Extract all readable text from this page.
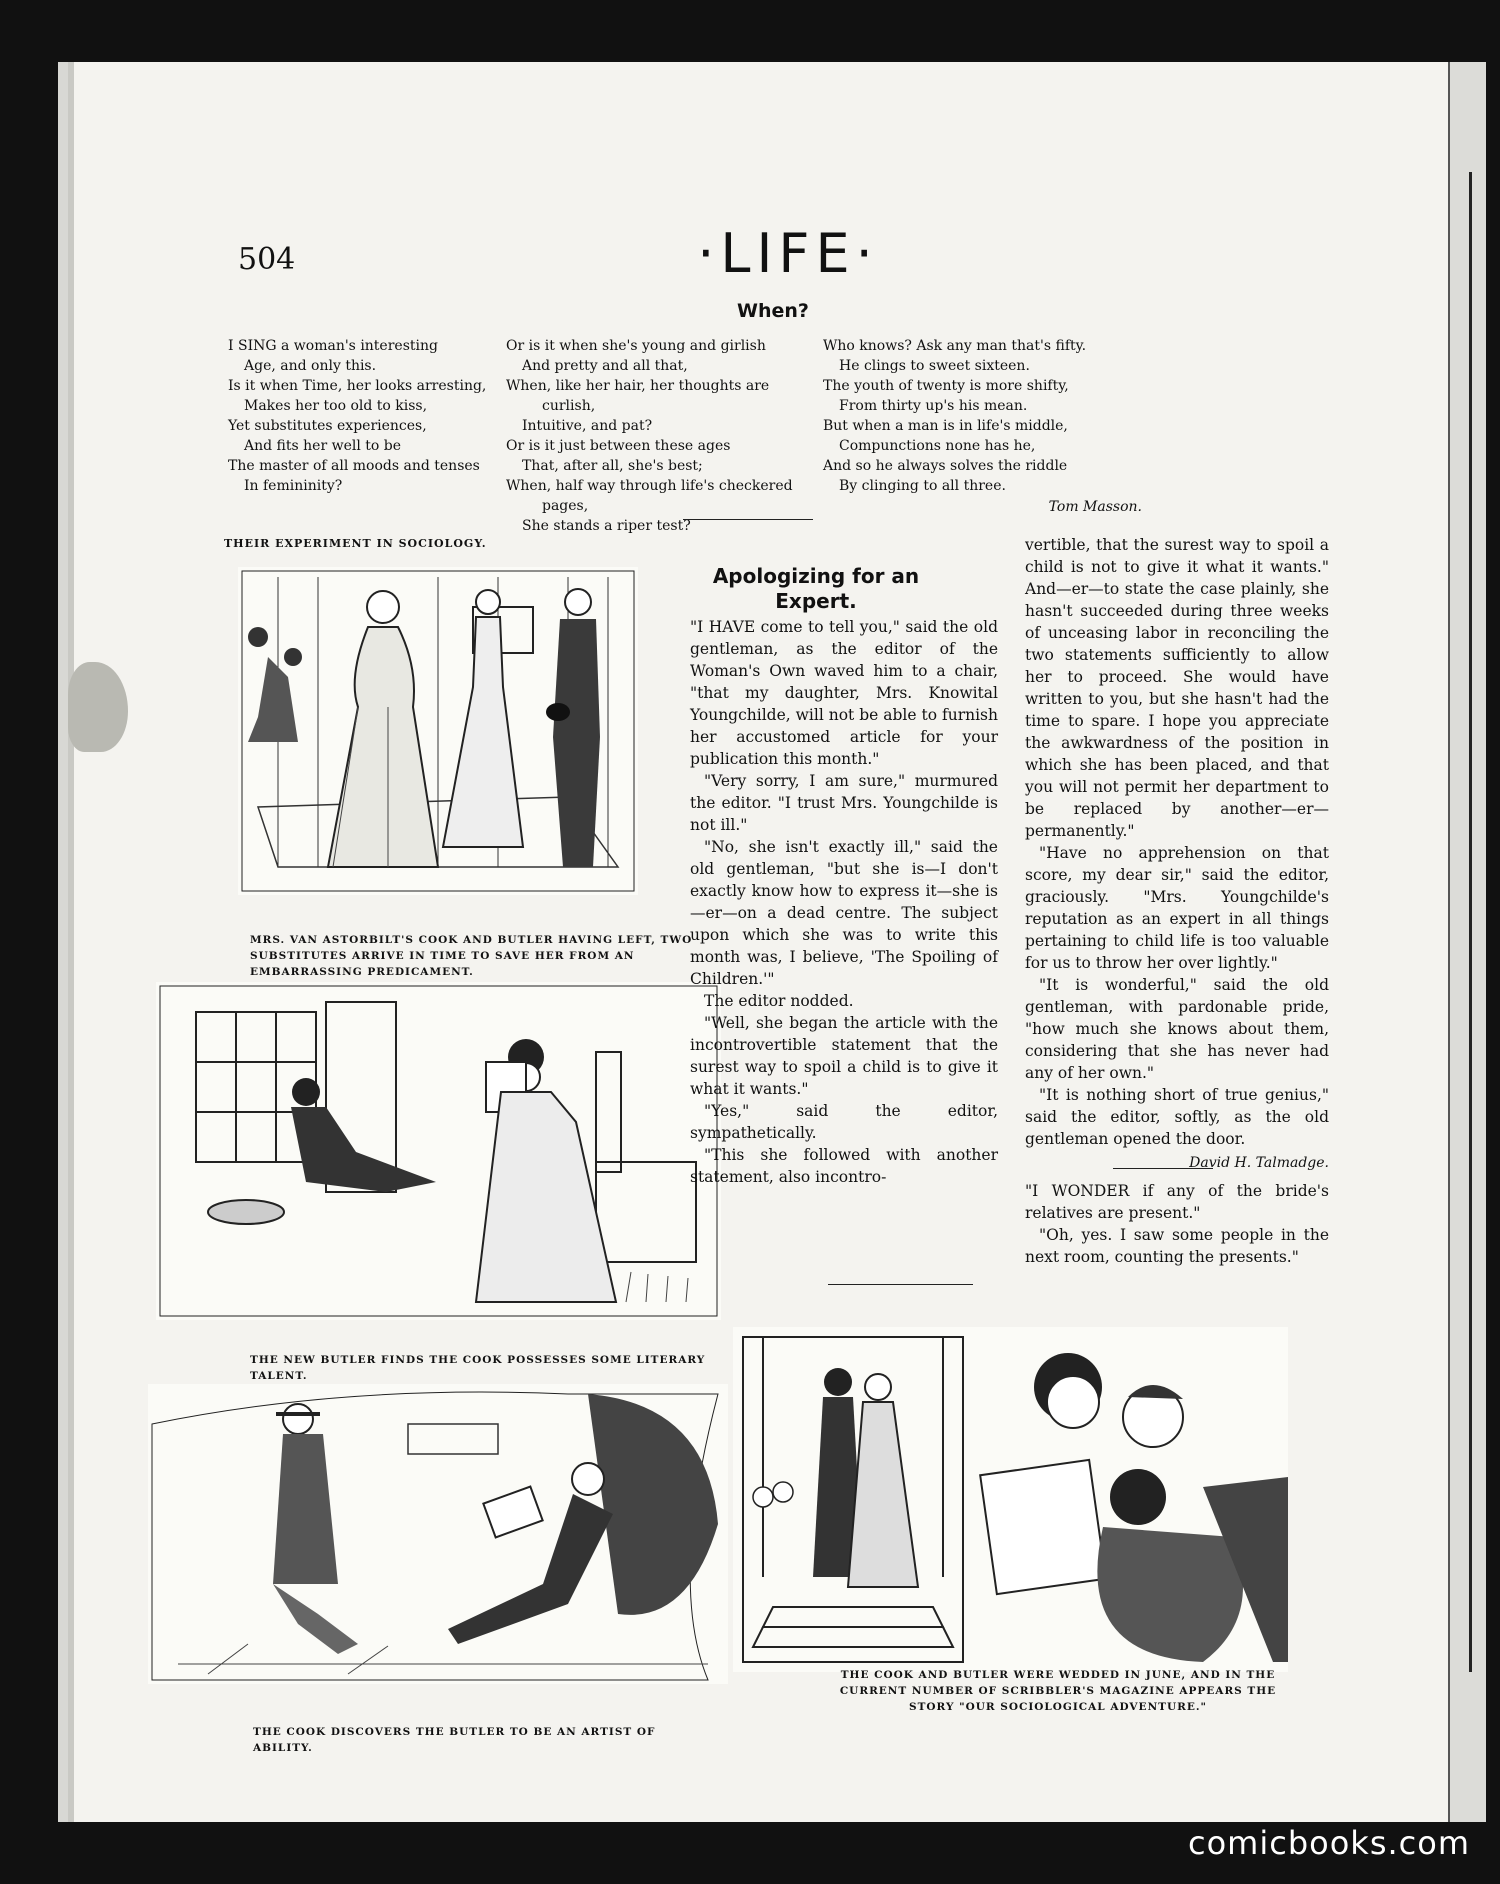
504	·LIFE·
When?
I SING a woman's interesting
Age, and only this.
Is it when Time, her looks arresting,
Makes her too old to kiss,
Yet substitutes experiences,
And fits her well to be
The master of all moods and tenses
In femininity?
Or is it when she's young and girlish
And pretty and all that,
When, like her hair, her thoughts are
curlish,
Intuitive, and pat?
Or is it just between these ages
That, after all, she's best;
When, half way through life's checkered
pages,
She stands a riper test?
Who knows? Ask any man that's fifty.
He clings to sweet sixteen.
The youth of twenty is more shifty,
From thirty up's his mean.
But when a man is in life's middle,
Compunctions none has he,
And so he always solves the riddle
By clinging to all three.
Tom Masson.
THEIR EXPERIMENT IN SOCIOLOGY.
MRS. VAN ASTORBILT'S COOK AND BUTLER HAVING LEFT, TWO SUBSTITUTES ARRIVE IN TIME TO SAVE HER FROM AN EMBARRASSING PREDICAMENT.
THE NEW BUTLER FINDS THE COOK POSSESSES SOME LITERARY TALENT.
THE COOK DISCOVERS THE BUTLER TO BE AN ARTIST OF ABILITY.
THE COOK AND BUTLER WERE WEDDED IN JUNE, AND IN THE CURRENT NUMBER OF SCRIBBLER'S MAGAZINE APPEARS THE STORY "OUR SOCIOLOGICAL ADVENTURE."
Apologizing for an Expert.

"I HAVE come to tell you," said the old gentleman, as the editor of the Woman's Own waved him to a chair, "that my daughter, Mrs. Knowital Youngchilde, will not be able to furnish her accustomed article for your publication this month."

"Very sorry, I am sure," murmured the editor. "I trust Mrs. Youngchilde is not ill."

"No, she isn't exactly ill," said the old gentleman, "but she is—I don't exactly know how to express it—she is—er—on a dead centre. The subject upon which she was to write this month was, I believe, 'The Spoiling of Children.'"

The editor nodded.

"Well, she began the article with the incontrovertible statement that the surest way to spoil a child is to give it what it wants."

"Yes," said the editor, sympathetically.

"This she followed with another statement, also incontro-

vertible, that the surest way to spoil a child is not to give it what it wants." And—er—to state the case plainly, she hasn't succeeded during three weeks of unceasing labor in reconciling the two statements sufficiently to allow her to proceed. She would have written to you, but she hasn't had the time to spare. I hope you appreciate the awkwardness of the position in which she has been placed, and that you will not permit her department to be replaced by another—er—permanently."

"Have no apprehension on that score, my dear sir," said the editor, graciously. "Mrs. Youngchilde's reputation as an expert in all things pertaining to child life is too valuable for us to throw her over lightly."

"It is wonderful," said the old gentleman, with pardonable pride, "how much she knows about them, considering that she has never had any of her own."

"It is nothing short of true genius," said the editor, softly, as the old gentleman opened the door.

David H. Talmadge.

"I WONDER if any of the bride's relatives are present."

"Oh, yes. I saw some people in the next room, counting the presents."

comicbooks.com
